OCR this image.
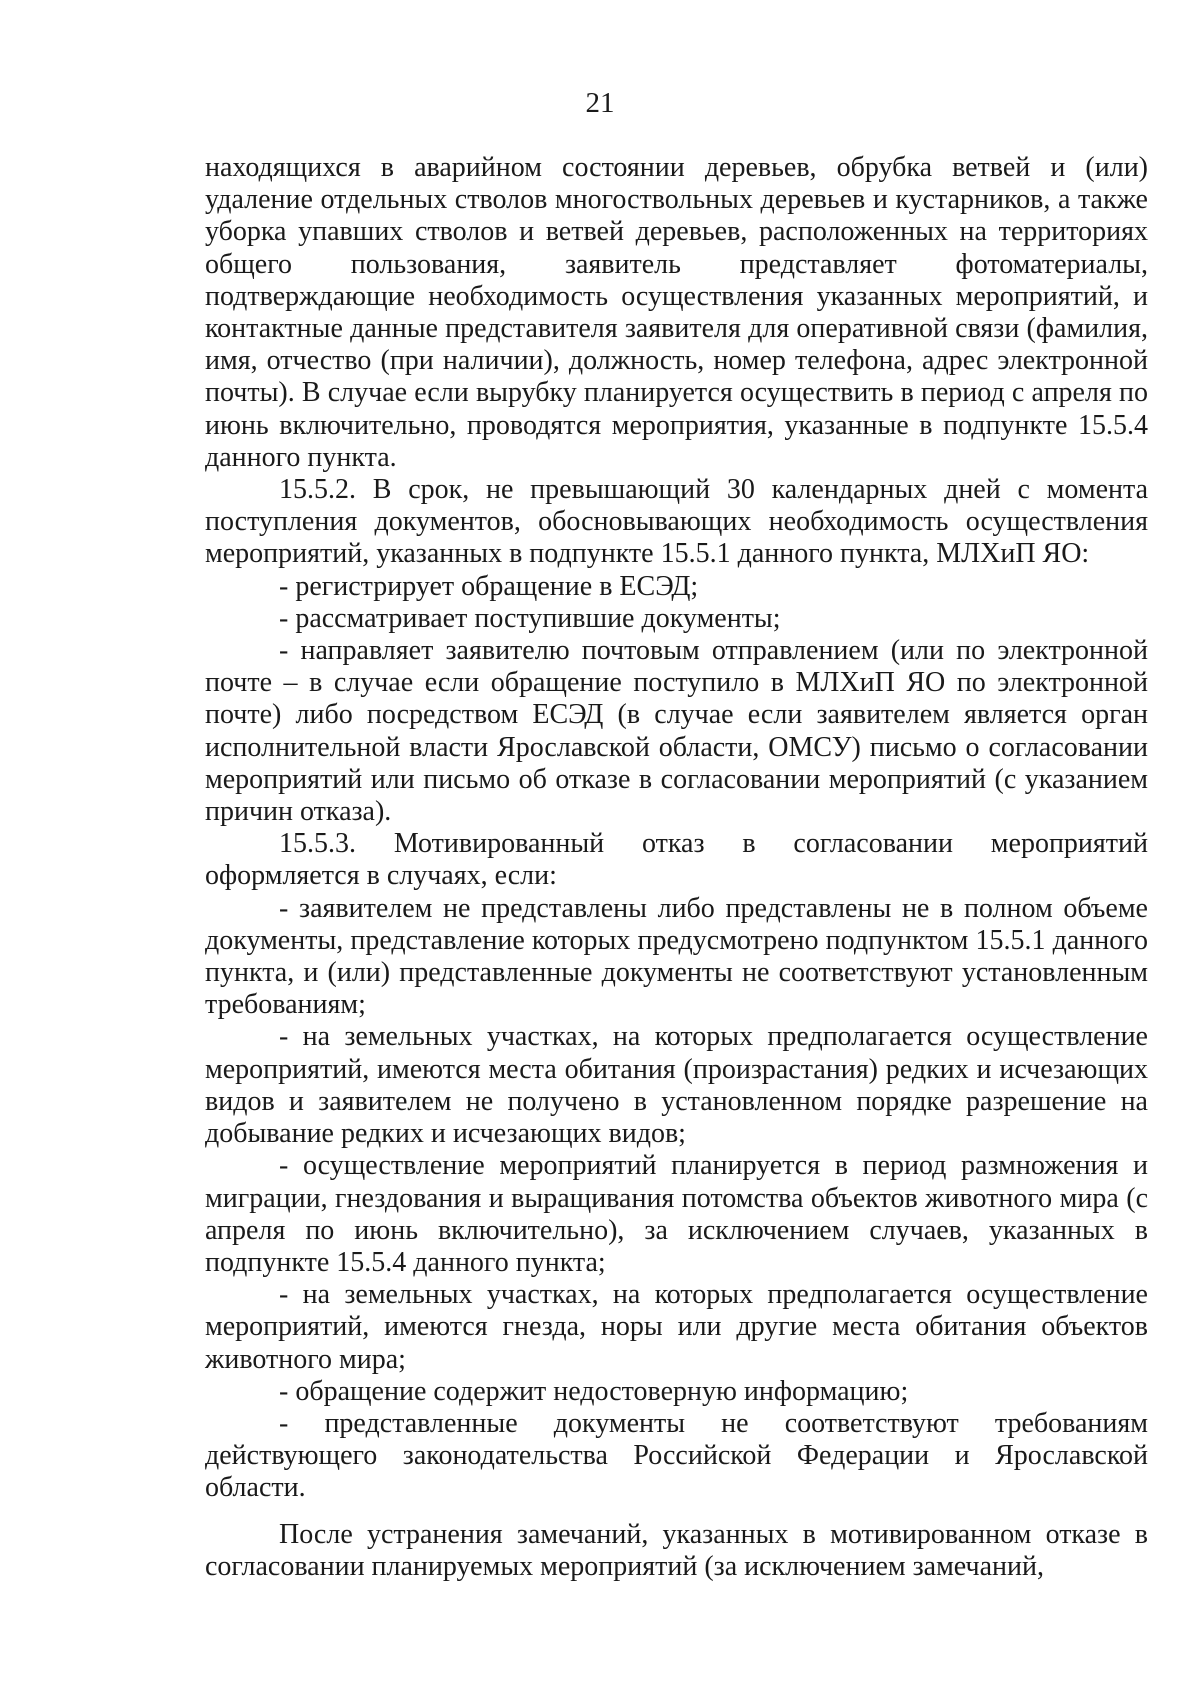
21

находящихся в аварийном состоянии деревьев, обрубка ветвей и (или) удаление отдельных стволов многоствольных деревьев и кустарников, а также уборка упавших стволов и ветвей деревьев, расположенных на территориях общего пользования, заявитель представляет фотоматериалы, подтверждающие необходимость осуществления указанных мероприятий, и контактные данные представителя заявителя для оперативной связи (фамилия, имя, отчество (при наличии), должность, номер телефона, адрес электронной почты). В случае если вырубку планируется осуществить в период с апреля по июнь включительно, проводятся мероприятия, указанные в подпункте 15.5.4 данного пункта.

15.5.2. В срок, не превышающий 30 календарных дней с момента поступления документов, обосновывающих необходимость осуществления мероприятий, указанных в подпункте 15.5.1 данного пункта, МЛХиП ЯО:

- регистрирует обращение в ЕСЭД;

- рассматривает поступившие документы;

- направляет заявителю почтовым отправлением (или по электронной почте – в случае если обращение поступило в МЛХиП ЯО по электронной почте) либо посредством ЕСЭД (в случае если заявителем является орган исполнительной власти Ярославской области, ОМСУ) письмо о согласовании мероприятий или письмо об отказе в согласовании мероприятий (с указанием причин отказа).

15.5.3. Мотивированный отказ в согласовании мероприятий оформляется в случаях, если:

- заявителем не представлены либо представлены не в полном объеме документы, представление которых предусмотрено подпунктом 15.5.1 данного пункта, и (или) представленные документы не соответствуют установленным требованиям;

- на земельных участках, на которых предполагается осуществление мероприятий, имеются места обитания (произрастания) редких и исчезающих видов и заявителем не получено в установленном порядке разрешение на добывание редких и исчезающих видов;

- осуществление мероприятий планируется в период размножения и миграции, гнездования и выращивания потомства объектов животного мира (с апреля по июнь включительно), за исключением случаев, указанных в подпункте 15.5.4 данного пункта;

- на земельных участках, на которых предполагается осуществление мероприятий, имеются гнезда, норы или другие места обитания объектов животного мира;

- обращение содержит недостоверную информацию;

- представленные документы не соответствуют требованиям действующего законодательства Российской Федерации и Ярославской области.

После устранения замечаний, указанных в мотивированном отказе в согласовании планируемых мероприятий (за исключением замечаний,
